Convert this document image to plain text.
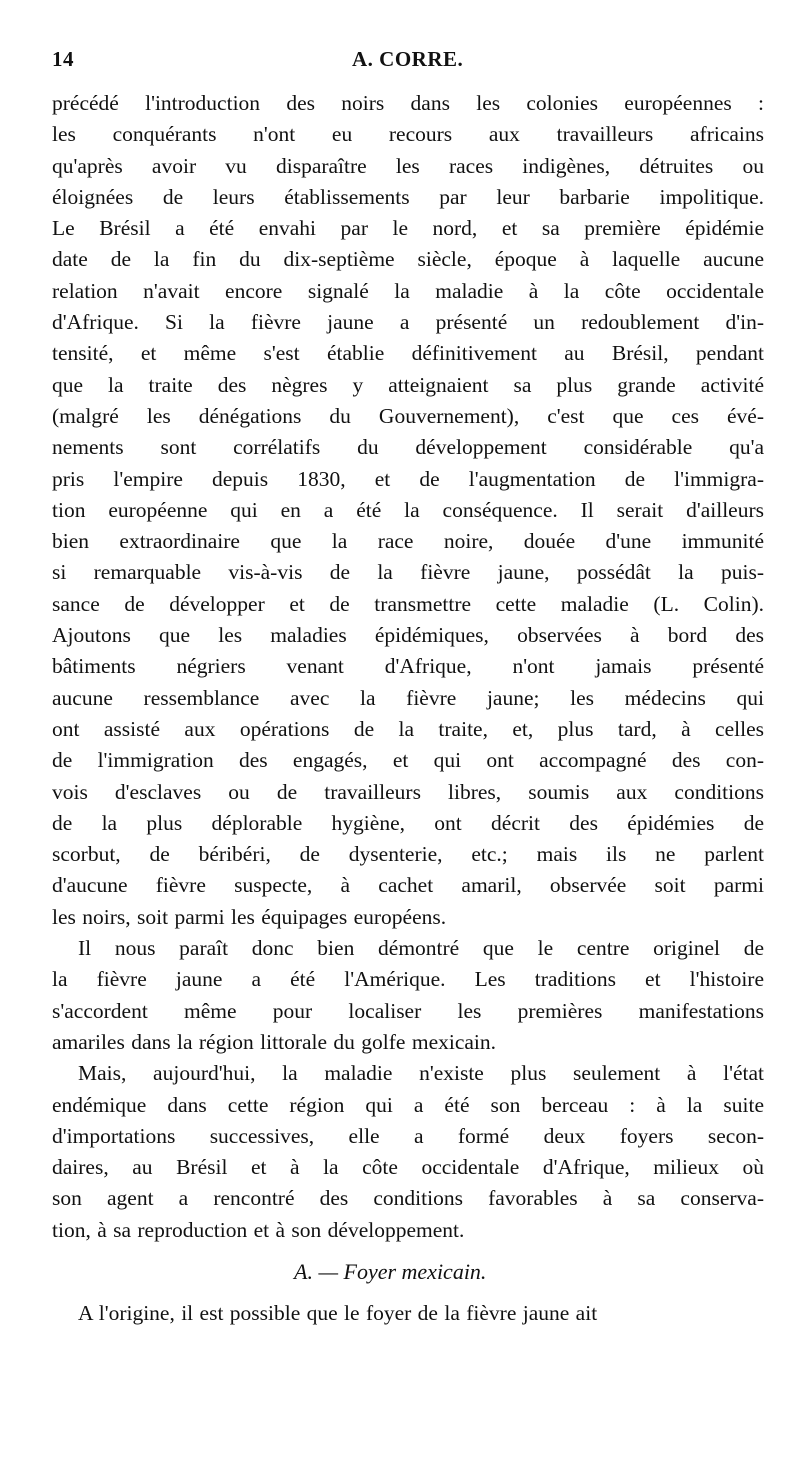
14	A. CORRE.
précédé l'introduction des noirs dans les colonies européennes :
les conquérants n'ont eu recours aux travailleurs africains
qu'après avoir vu disparaître les races indigènes, détruites ou
éloignées de leurs établissements par leur barbarie impolitique.
Le Brésil a été envahi par le nord, et sa première épidémie
date de la fin du dix-septième siècle, époque à laquelle aucune
relation n'avait encore signalé la maladie à la côte occidentale
d'Afrique. Si la fièvre jaune a présenté un redoublement d'in-
tensité, et même s'est établie définitivement au Brésil, pendant
que la traite des nègres y atteignaient sa plus grande activité
(malgré les dénégations du Gouvernement), c'est que ces évé-
nements sont corrélatifs du développement considérable qu'a
pris l'empire depuis 1830, et de l'augmentation de l'immigra-
tion européenne qui en a été la conséquence. Il serait d'ailleurs
bien extraordinaire que la race noire, douée d'une immunité
si remarquable vis-à-vis de la fièvre jaune, possédât la puis-
sance de développer et de transmettre cette maladie (L. Colin).
Ajoutons que les maladies épidémiques, observées à bord des
bâtiments négriers venant d'Afrique, n'ont jamais présenté
aucune ressemblance avec la fièvre jaune; les médecins qui
ont assisté aux opérations de la traite, et, plus tard, à celles
de l'immigration des engagés, et qui ont accompagné des con-
vois d'esclaves ou de travailleurs libres, soumis aux conditions
de la plus déplorable hygiène, ont décrit des épidémies de
scorbut, de béribéri, de dysenterie, etc.; mais ils ne parlent
d'aucune fièvre suspecte, à cachet amaril, observée soit parmi
les noirs, soit parmi les équipages européens.
Il nous paraît donc bien démontré que le centre originel de
la fièvre jaune a été l'Amérique. Les traditions et l'histoire
s'accordent même pour localiser les premières manifestations
amariles dans la région littorale du golfe mexicain.
Mais, aujourd'hui, la maladie n'existe plus seulement à l'état
endémique dans cette région qui a été son berceau : à la suite
d'importations successives, elle a formé deux foyers secon-
daires, au Brésil et à la côte occidentale d'Afrique, milieux où
son agent a rencontré des conditions favorables à sa conserva-
tion, à sa reproduction et à son développement.
A. — Foyer mexicain.
A l'origine, il est possible que le foyer de la fièvre jaune ait
